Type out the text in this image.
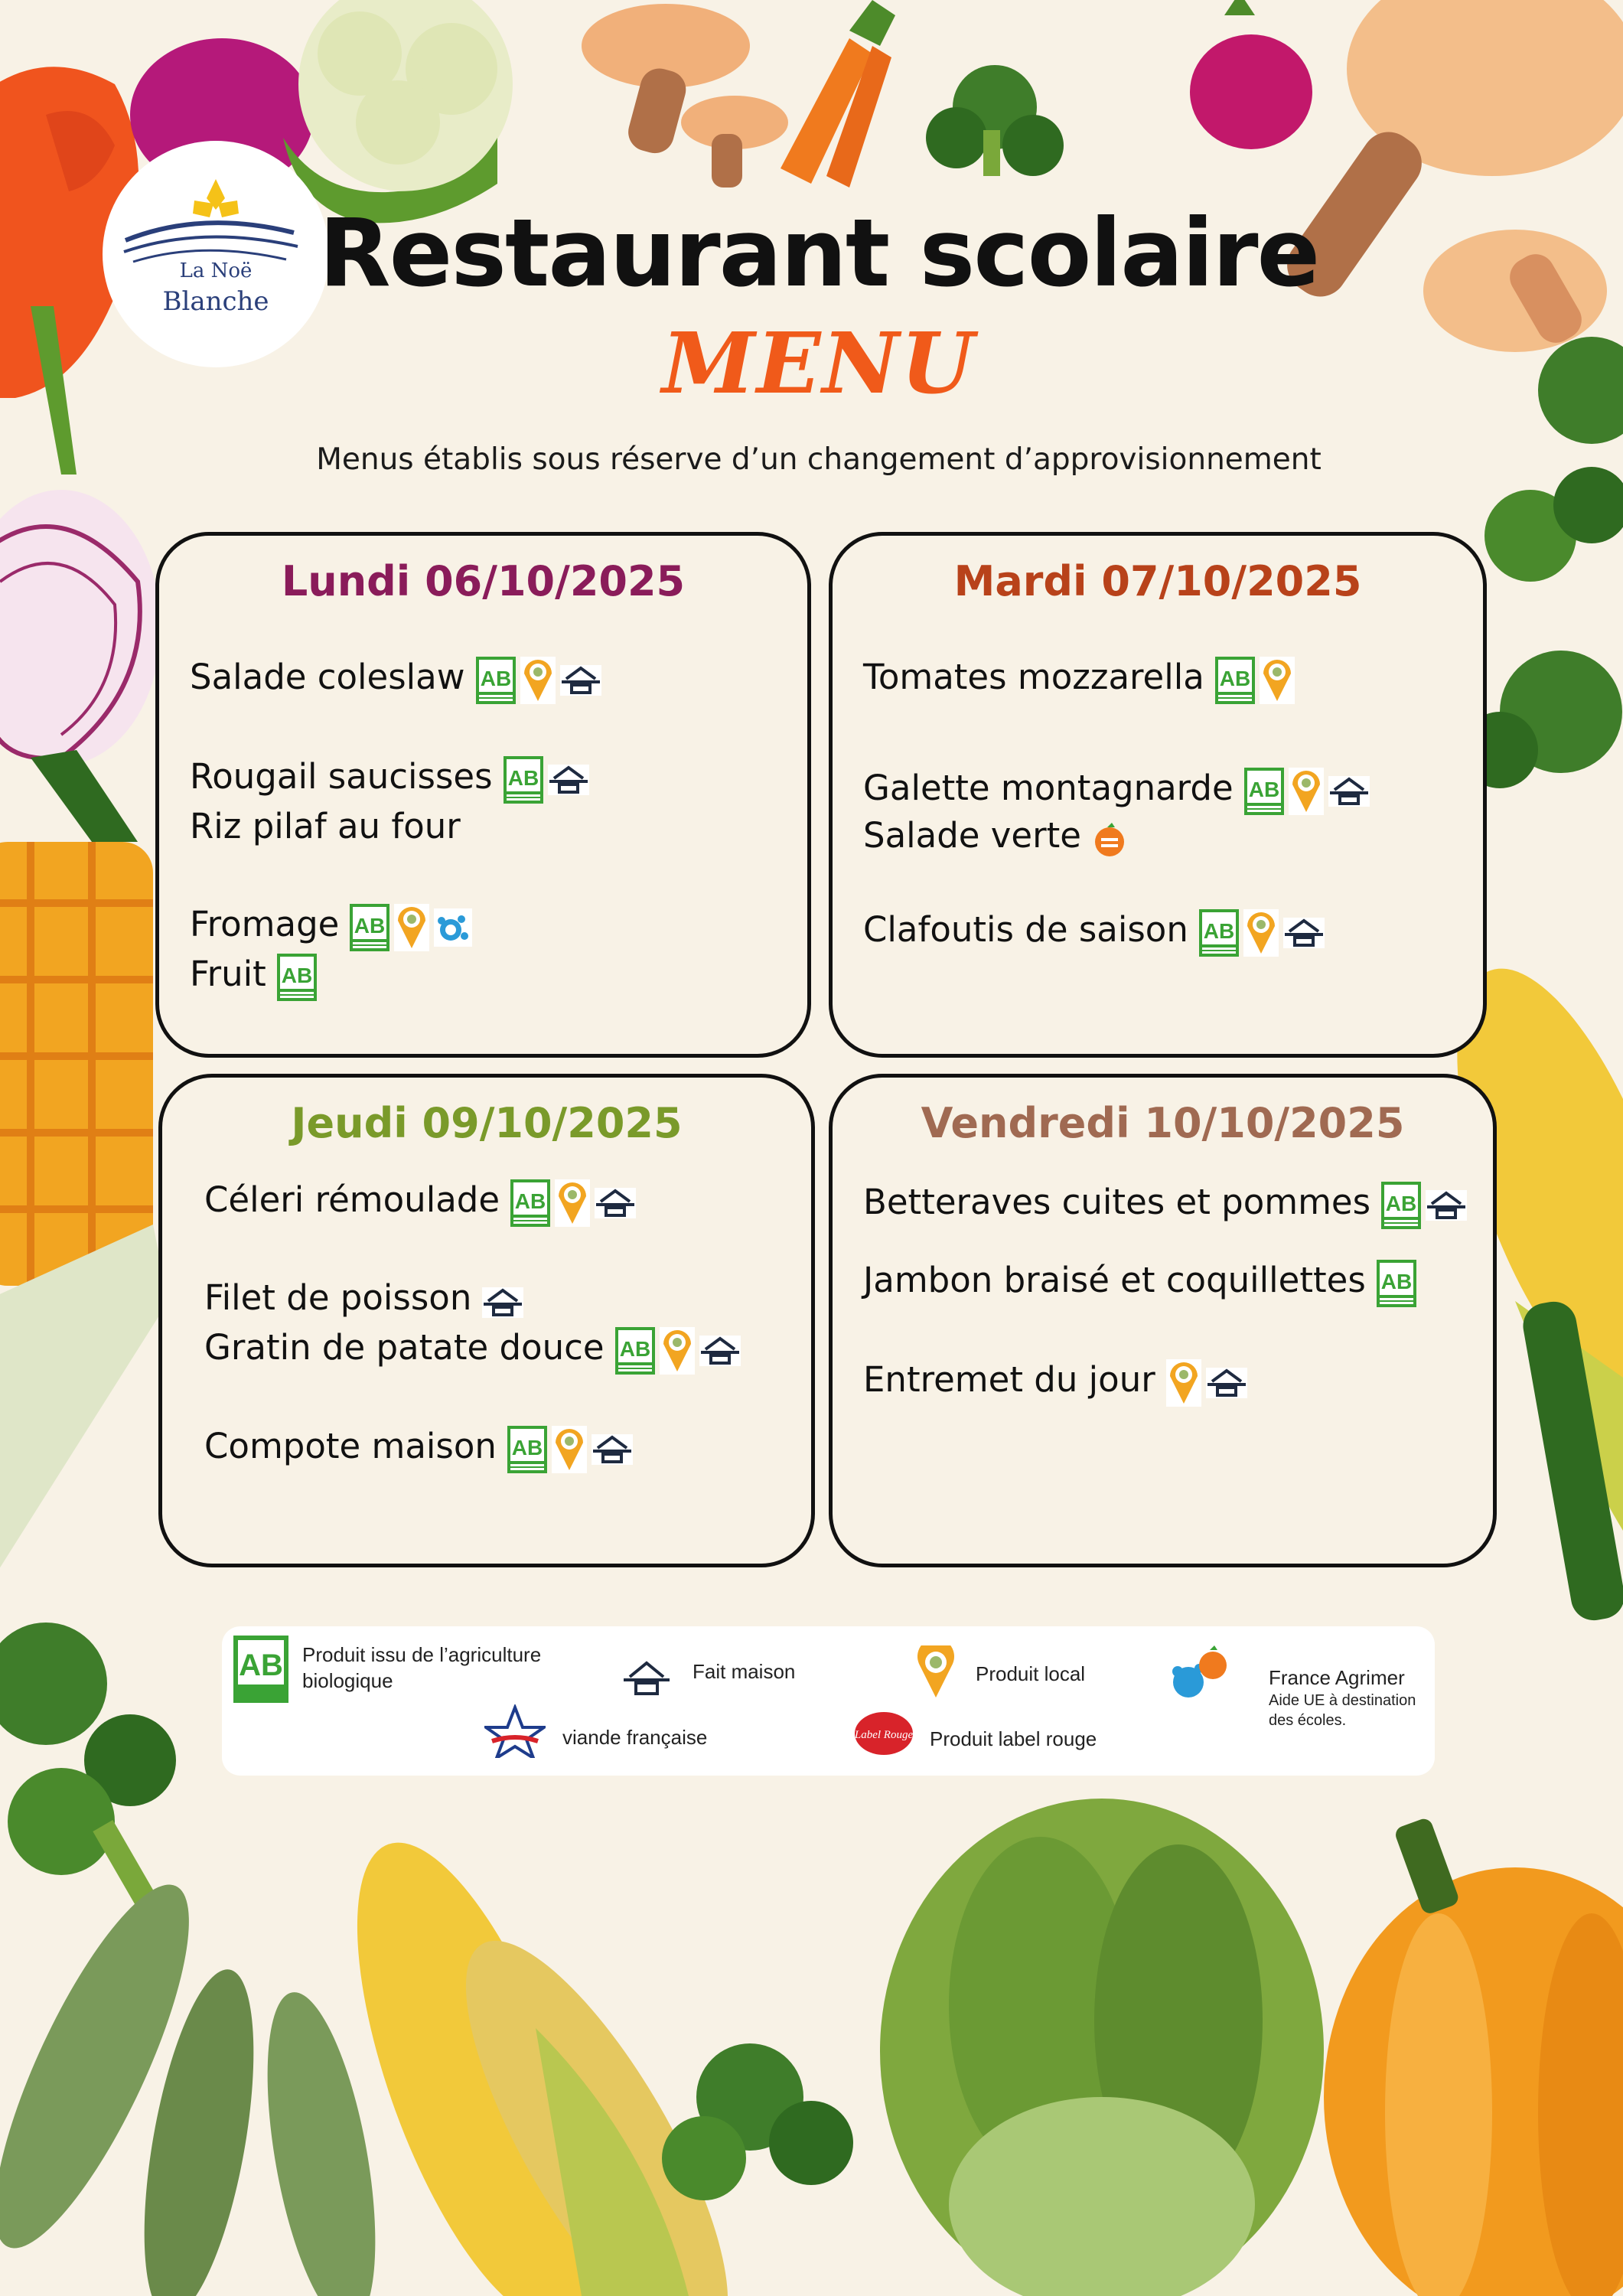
La Noë
Blanche Restaurant scolaire
MENU
Menus établis sous réserve d’un changement d’approvisionnement
Lundi 06/10/2025
Salade coleslaw AB
Rougail saucisses AB
Riz pilaf au four
Fromage AB
Fruit AB
Mardi 07/10/2025
Tomates mozzarella AB
Galette montagnarde AB
Salade verte
Clafoutis de saison AB
Jeudi 09/10/2025
Céleri rémoulade AB
Filet de poisson
Gratin de patate douce AB
Compote maison AB
Vendredi 10/10/2025
Betteraves cuites et pommes AB
Jambon braisé et coquillettes AB
Entremet du jour
AB Produit issu de l’agriculture
biologique	Fait maison	Produit local	France Agrimer
Aide UE à destination
des écoles.
viande française	Label Rouge Produit label rouge
